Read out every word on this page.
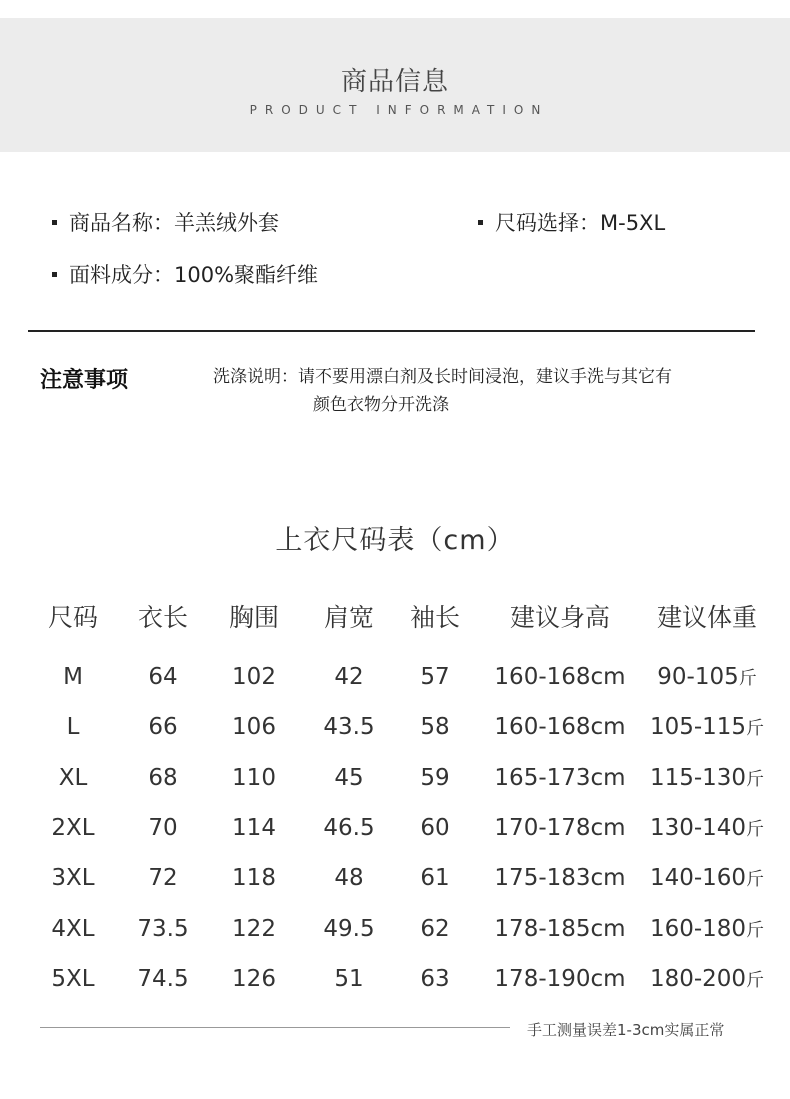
商品信息
PRODUCT INFORMATION
商品名称：羊羔绒外套	尺码选择：M-5XL
面料成分：100%聚酯纤维
注意事项	洗涤说明：请不要用漂白剂及长时间浸泡，建议手洗与其它有
颜色衣物分开洗涤
上衣尺码表（cm）
尺码 衣长 胸围 肩宽 袖长 建议身高 建议体重
M	64 102	42 57 160-168cm 90-105斤
L	66 106 43.5 58 160-168cm 105-115斤
XL	68 110	45 59 165-173cm 115-130斤
2XL 70 114 46.5 60 170-178cm 130-140斤
3XL 72 118	48 61 175-183cm 140-160斤
4XL 73.5 122 49.5 62 178-185cm 160-180斤
5XL 74.5 126	51 63 178-190cm 180-200斤
手工测量误差1-3cm实属正常
